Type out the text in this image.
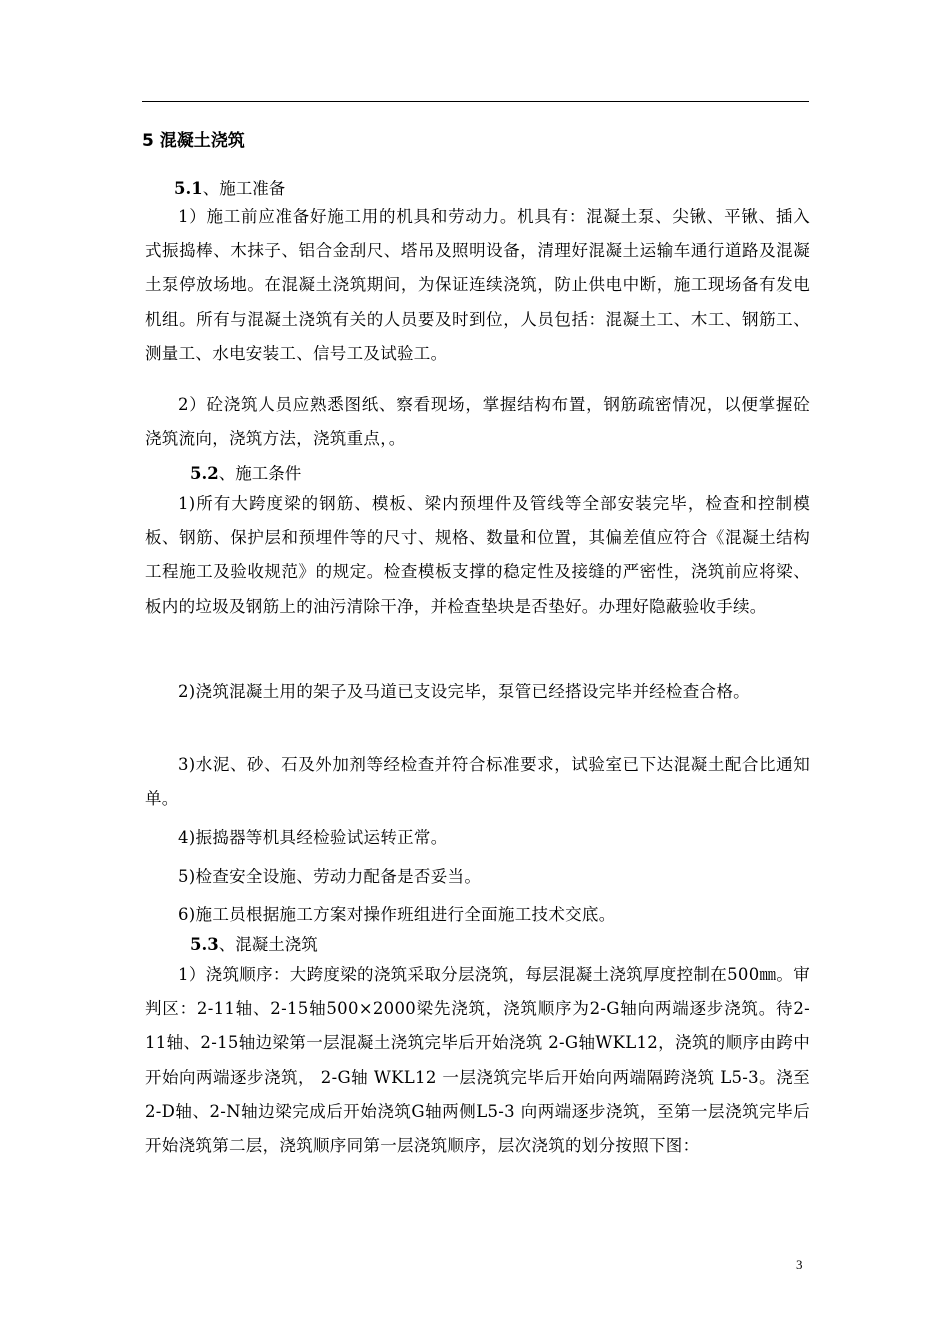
5 混凝土浇筑
5.1、施工准备
1）施工前应准备好施工用的机具和劳动力。机具有：混凝土泵、尖锹、平锹、插入式振捣棒、木抹子、铝合金刮尺、塔吊及照明设备，清理好混凝土运输车通行道路及混凝土泵停放场地。在混凝土浇筑期间，为保证连续浇筑，防止供电中断，施工现场备有发电机组。所有与混凝土浇筑有关的人员要及时到位，人员包括：混凝土工、木工、钢筋工、测量工、水电安装工、信号工及试验工。
2）砼浇筑人员应熟悉图纸、察看现场，掌握结构布置，钢筋疏密情况，以便掌握砼浇筑流向，浇筑方法，浇筑重点，。
5.2、施工条件
1)所有大跨度梁的钢筋、模板、梁内预埋件及管线等全部安装完毕，检查和控制模板、钢筋、保护层和预埋件等的尺寸、规格、数量和位置，其偏差值应符合《混凝土结构工程施工及验收规范》的规定。检查模板支撑的稳定性及接缝的严密性，浇筑前应将梁、板内的垃圾及钢筋上的油污清除干净，并检查垫块是否垫好。办理好隐蔽验收手续。
2)浇筑混凝土用的架子及马道已支设完毕，泵管已经搭设完毕并经检查合格。
3)水泥、砂、石及外加剂等经检查并符合标准要求，试验室已下达混凝土配合比通知单。
4)振捣器等机具经检验试运转正常。
5)检查安全设施、劳动力配备是否妥当。
6)施工员根据施工方案对操作班组进行全面施工技术交底。
5.3、混凝土浇筑
1）浇筑顺序：大跨度梁的浇筑采取分层浇筑，每层混凝土浇筑厚度控制在500㎜。审判区：2-11轴、2-15轴500×2000梁先浇筑，浇筑顺序为2-G轴向两端逐步浇筑。待2-11轴、2-15轴边梁第一层混凝土浇筑完毕后开始浇筑 2-G轴WKL12，浇筑的顺序由跨中开始向两端逐步浇筑， 2-G轴 WKL12 一层浇筑完毕后开始向两端隔跨浇筑 L5-3。浇至 2-D轴、2-N轴边梁完成后开始浇筑G轴两侧L5-3 向两端逐步浇筑，至第一层浇筑完毕后开始浇筑第二层，浇筑顺序同第一层浇筑顺序，层次浇筑的划分按照下图：
3
